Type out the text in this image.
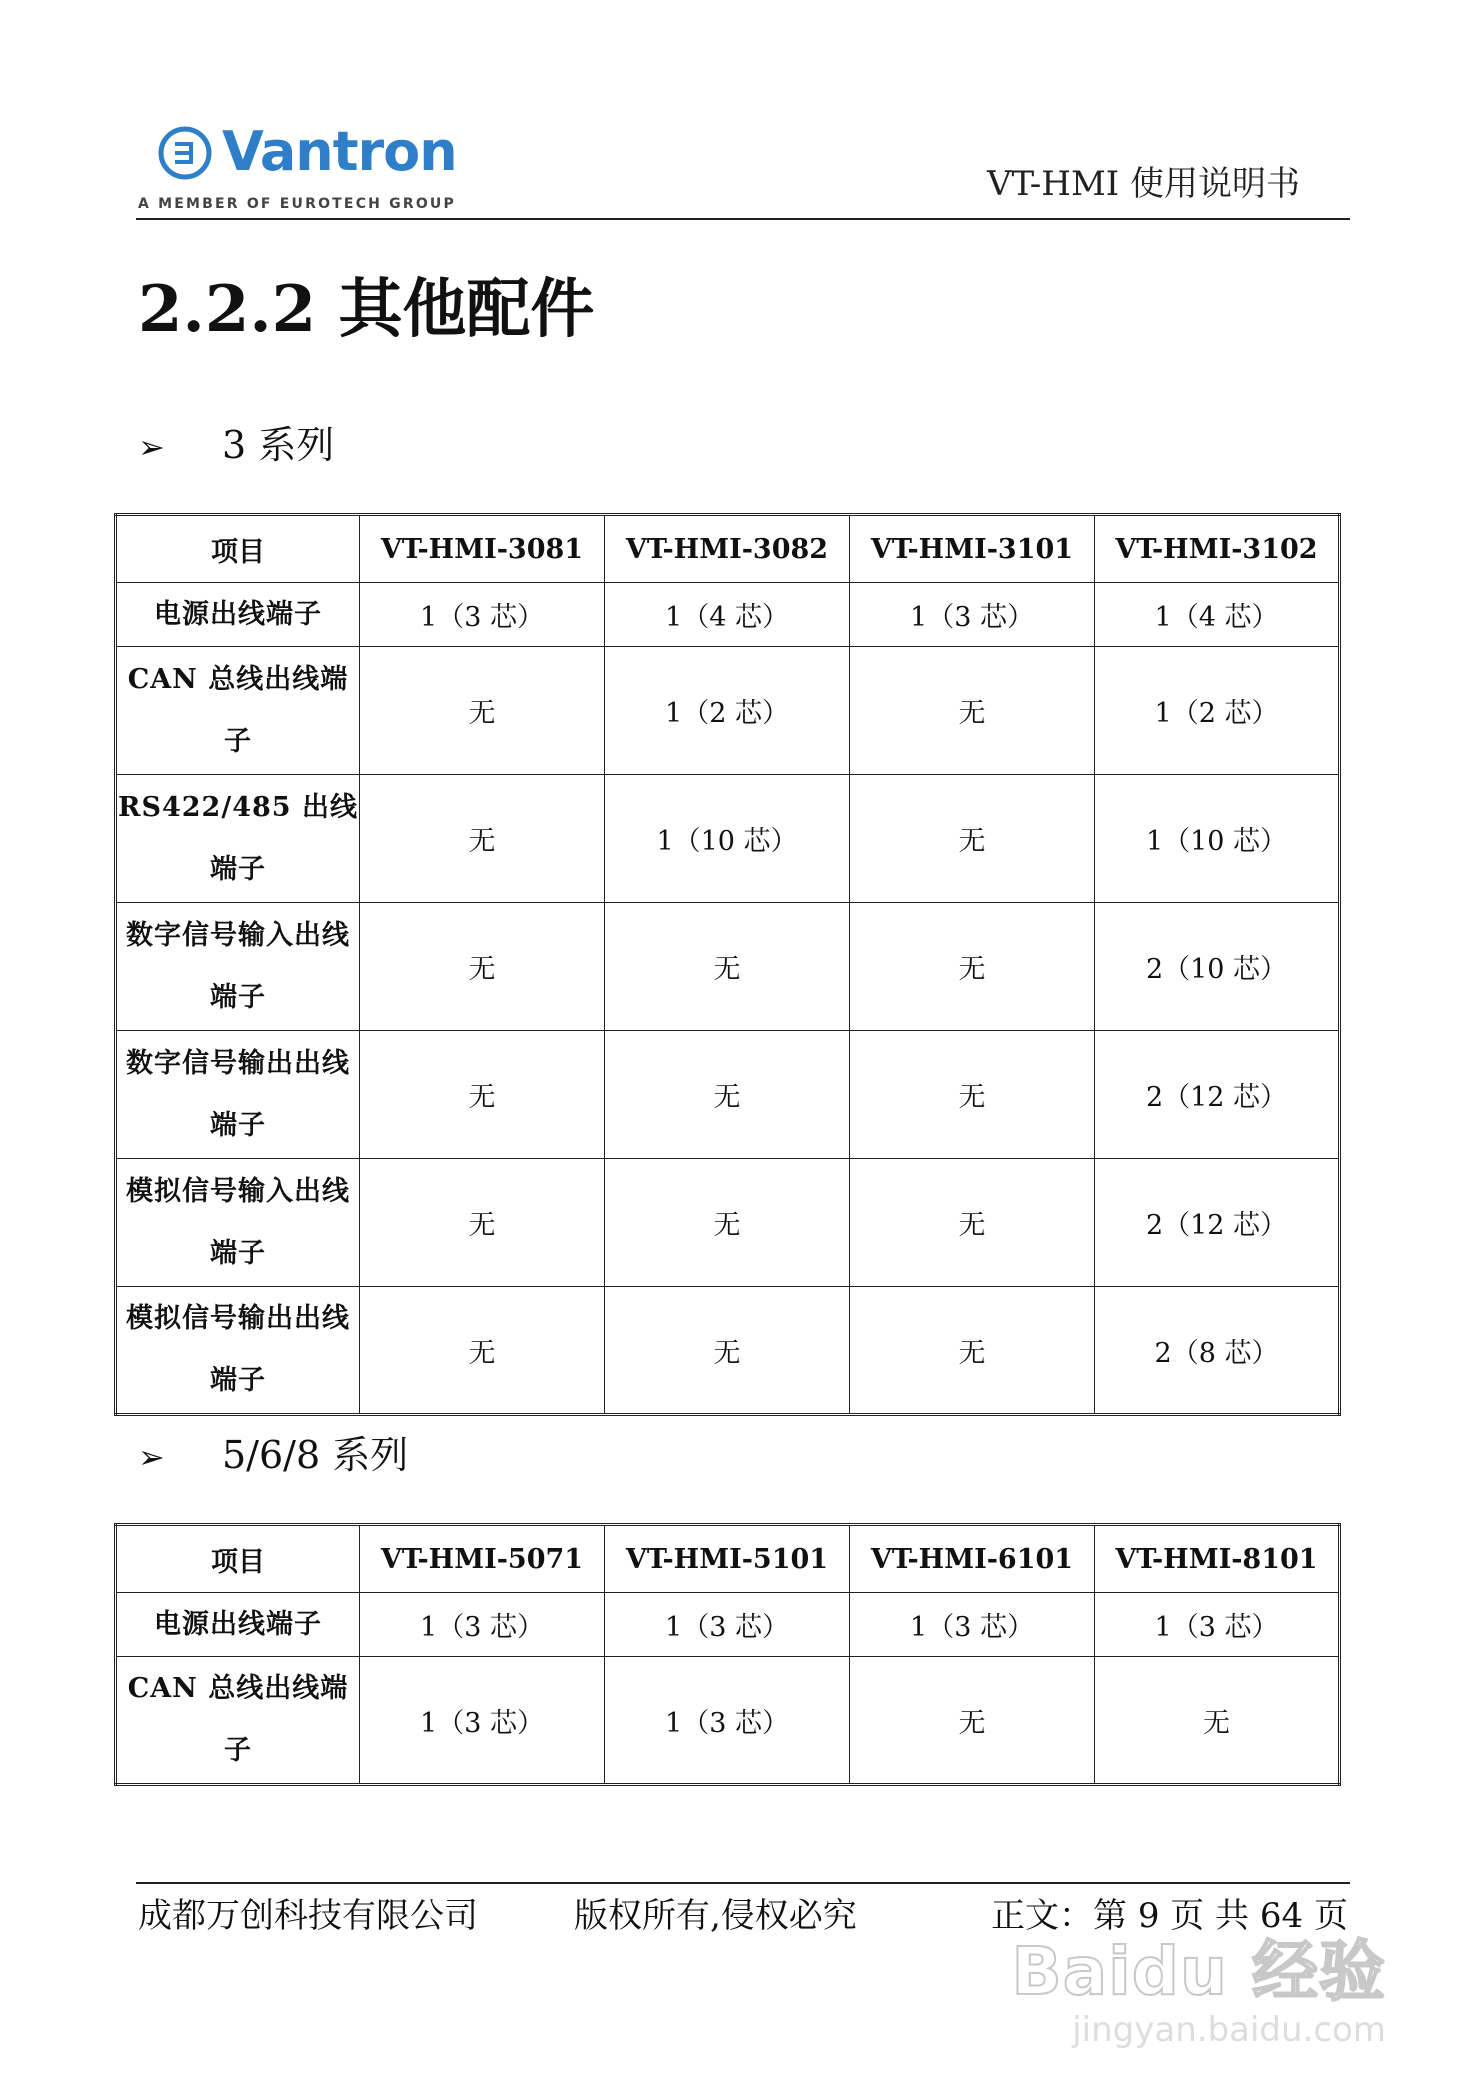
Vantron
A MEMBER OF EUROTECH GROUP	VT-HMI 使用说明书
2.2.2 其他配件
➢ 3 系列
项目	VT-HMI-3081	VT-HMI-3082	VT-HMI-3101	VT-HMI-3102
电源出线端子	1（3 芯）	1（4 芯）	1（3 芯）	1（4 芯）
CAN 总线出线端子	无	1（2 芯）	无	1（2 芯）
RS422/485 出线端子	无	1（10 芯）	无	1（10 芯）
数字信号输入出线端子	无	无	无	2（10 芯）
数字信号输出出线端子	无	无	无	2（12 芯）
模拟信号输入出线端子	无	无	无	2（12 芯）
模拟信号输出出线端子	无	无	无	2（8 芯）
➢ 5/6/8 系列
项目	VT-HMI-5071	VT-HMI-5101	VT-HMI-6101	VT-HMI-8101
电源出线端子	1（3 芯）	1（3 芯）	1（3 芯）	1（3 芯）
CAN 总线出线端子	1（3 芯）	1（3 芯）	无	无
成都万创科技有限公司	版权所有,侵权必究	正文：第 9 页 共 64 页
Baidu 经验
jingyan.baidu.com
